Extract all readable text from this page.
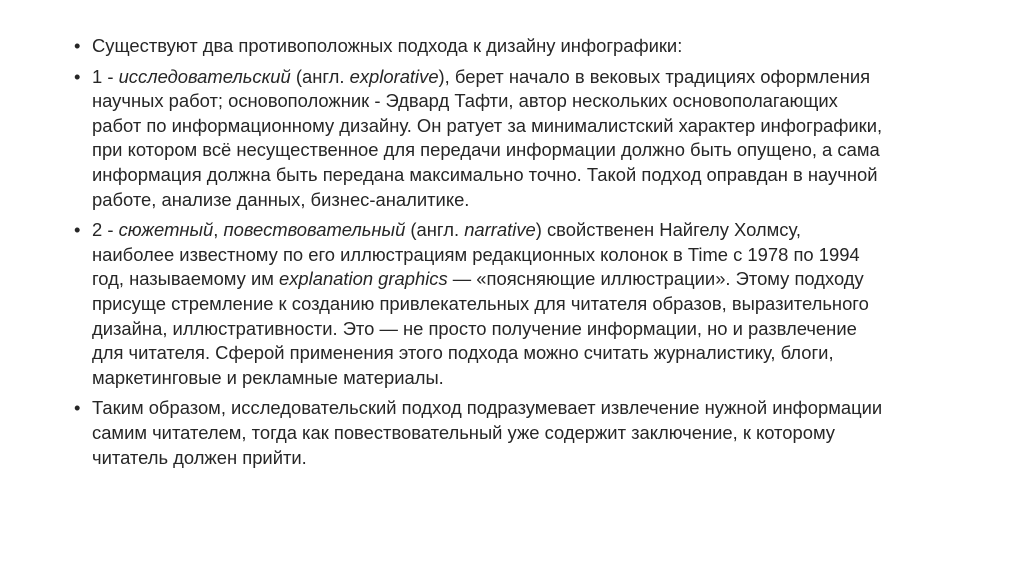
• Существуют два противоположных подхода к дизайну инфографики:
• 1 - исследовательский (англ. explorative), берет начало в вековых традициях оформления научных работ; основоположник - Эдвард Тафти, автор нескольких основополагающих работ по информационному дизайну. Он ратует за минималистский характер инфографики, при котором всё несущественное для передачи информации должно быть опущено, а сама информация должна быть передана максимально точно. Такой подход оправдан в научной работе, анализе данных, бизнес-аналитике.
• 2 - сюжетный, повествовательный (англ. narrative) свойственен Найгелу Холмсу, наиболее известному по его иллюстрациям редакционных колонок в Time с 1978 по 1994 год, называемому им explanation graphics — «поясняющие иллюстрации». Этому подходу присуще стремление к созданию привлекательных для читателя образов, выразительного дизайна, иллюстративности. Это — не просто получение информации, но и развлечение для читателя. Сферой применения этого подхода можно считать журналистику, блоги, маркетинговые и рекламные материалы.
• Таким образом, исследовательский подход подразумевает извлечение нужной информации самим читателем, тогда как повествовательный уже содержит заключение, к которому читатель должен прийти.
